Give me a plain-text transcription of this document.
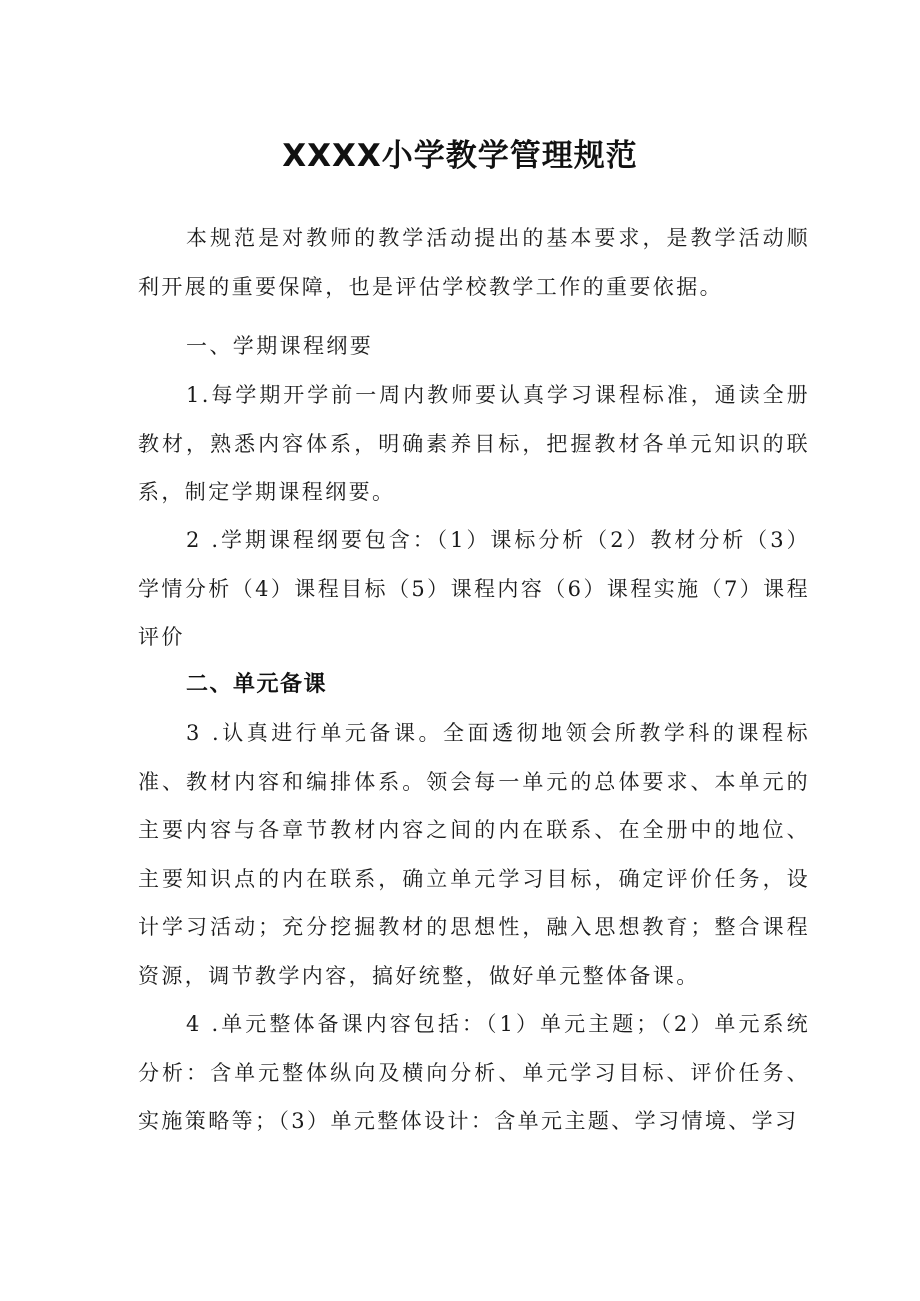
XXXX小学教学管理规范

本规范是对教师的教学活动提出的基本要求，是教学活动顺利开展的重要保障，也是评估学校教学工作的重要依据。

一、学期课程纲要

1.每学期开学前一周内教师要认真学习课程标准，通读全册教材，熟悉内容体系，明确素养目标，把握教材各单元知识的联系，制定学期课程纲要。

2 .学期课程纲要包含：（1）课标分析（2）教材分析（3）学情分析（4）课程目标（5）课程内容（6）课程实施（7）课程评价

二、单元备课

3 .认真进行单元备课。全面透彻地领会所教学科的课程标准、教材内容和编排体系。领会每一单元的总体要求、本单元的主要内容与各章节教材内容之间的内在联系、在全册中的地位、主要知识点的内在联系，确立单元学习目标，确定评价任务，设计学习活动；充分挖掘教材的思想性，融入思想教育；整合课程资源，调节教学内容，搞好统整，做好单元整体备课。

4 .单元整体备课内容包括：（1）单元主题；（2）单元系统分析：含单元整体纵向及横向分析、单元学习目标、评价任务、实施策略等；（3）单元整体设计：含单元主题、学习情境、学习
